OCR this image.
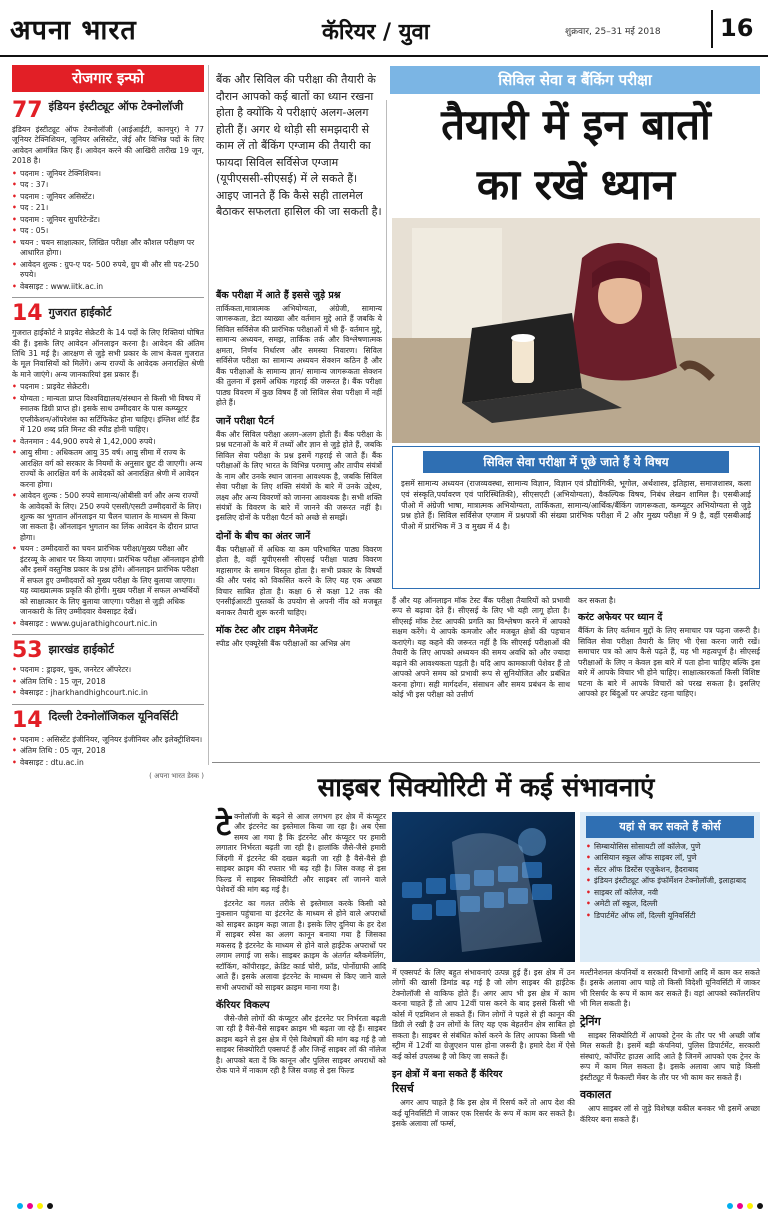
अपना भारत	कॅरियर / युवा	शुक्रवार, 25–31 मई 2018 16
रोजगार इन्फो
77 इंडियन इंस्टीट्यूट ऑफ टेक्नोलॉजी
इंडियन इंस्टीट्यूट ऑफ टेक्नोलॉजी (आईआईटी, कानपुर) ने 77 जूनियर टेक्निशियन, जूनियर असिस्टेंट, जेई और विभिन्न पदों के लिए आवेदन आमंत्रित किए हैं। आवेदन करने की आखिरी तारीख 19 जून, 2018 है।
• पदनाम : जूनियर टेक्निशियन।
• पद : 37।
• पदनाम : जूनियर असिस्टेंट।
• पद : 21।
• पदनाम : जूनियर सुपरिटेन्डेंट।
• पद : 05।
• चयन : चयन साक्षात्कार, लिखित परीक्षा और कौशल परीक्षण पर आधारित होगा।
• आवेदन शुल्क : ग्रुप-ए पद- 500 रुपये, ग्रुप बी और सी पद-250 रुपये।
• वेबसाइट : www.iitk.ac.in
14 गुजरात हाईकोर्ट
गुजरात हाईकोर्ट ने प्राइवेट सेक्रेटरी के 14 पदों के लिए रिक्तियां घोषित की हैं। इसके लिए आवेदन ऑनलाइन करना है। आवेदन की अंतिम तिथि 31 मई है। आरक्षण से जुड़े सभी प्रकार के लाभ केवल गुजरात के मूल निवासियों को मिलेंगे। अन्य राज्यों के आवेदक अनारक्षित श्रेणी के माने जाएंगे। अन्य जानकारियां इस प्रकार हैं।
• पदनाम : प्राइवेट सेक्रेटरी।
• योग्यता : मान्यता प्राप्त विश्वविद्यालय/संस्थान से किसी भी विषय में स्नातक डिग्री प्राप्त हो। इसके साथ उम्मीदवार के पास कम्प्यूटर एप्लीकेशन/ऑपरेशंस का सर्टिफिकेट होना चाहिए। इंग्लिश शॉर्ट हैंड में 120 शब्द प्रति मिनट की स्पीड होनी चाहिए।
• वेतनमान : 44,900 रुपये से 1,42,000 रुपये।
• आयु सीमा : अधिकतम आयु 35 वर्ष। आयु सीमा में राज्य के आरक्षित वर्ग को सरकार के नियमों के अनुसार छूट दी जाएगी। अन्य राज्यों के आरक्षित वर्ग के आवेदकों को अनारक्षित श्रेणी में आवेदन करना होगा।
• आवेदन शुल्क : 500 रुपये सामान्य/ओबीसी वर्ग और अन्य राज्यों के आवेदकों के लिए। 250 रुपये एससी/एसटी उम्मीदवारों के लिए। शुल्क का भुगतान ऑनलाइन या चैलन चालान के माध्यम से किया जा सकता है। ऑनलाइन भुगतान का लिंक आवेदन के दौरान प्राप्त होगा।
• चयन : उम्मीदवारों का चयन प्रारंभिक परीक्षा/मुख्य परीक्षा और इंटरव्यू के आधार पर किया जाएगा। प्रारंभिक परीक्षा ऑनलाइन होगी और इसमें वस्तुनिष्ठ प्रकार के प्रश्न होंगे। ऑनलाइन प्रारंभिक परीक्षा में सफल हुए उम्मीदवारों को मुख्य परीक्षा के लिए बुलाया जाएगा। यह व्याख्यात्मक प्रकृति की होगी। मुख्य परीक्षा में सफल अभ्यर्थियों को साक्षात्कार के लिए बुलाया जाएगा। परीक्षा से जुड़ी अधिक जानकारी के लिए उम्मीदवार वेबसाइट देखें।
• वेबसाइट : www.gujarathighcourt.nic.in
53 झारखंड हाईकोर्ट
• पदनाम : ड्राइवर, चुक, जनरेटर ऑपरेटर।
• अंतिम तिथि : 15 जून, 2018
• वेबसाइट : jharkhandhighcourt.nic.in
14 दिल्ली टेक्नोलॉजिकल यूनिवर्सिटी
• पदनाम : असिस्टेंट इंजीनियर, जूनियर इंजीनियर और इलेक्ट्रीशियन।
• अंतिम तिथि : 05 जून, 2018
• वेबसाइट : dtu.ac.in
( अपना भारत डेस्क )
बैंक और सिविल की परीक्षा की तैयारी के दौरान आपको कई बातों का ध्यान रखना होता है क्योंकि ये परीक्षाएं अलग-अलग होती हैं। अगर थे थोड़ी सी समझदारी से काम लें तो बैंकिंग एग्जाम की तैयारी का फायदा सिविल सर्विसेज एग्जाम (यूपीएससी-सीएसई) में ले सकते हैं। आइए जानते हैं कि कैसे सही तालमेल बैठाकर सफलता हासिल की जा सकती है।
सिविल सेवा व बैंकिंग परीक्षा
तैयारी में इन बातों
का रखें ध्यान
बैंक परीक्षा में आते हैं इससे जुड़े प्रश्न
तार्किकता,मात्रात्मक अभियोग्यता, अंग्रेजी, सामान्य जागरूकता, डेटा व्याख्या और वर्तमान मुद्दे आते हैं जबकि ये सिविल सर्विसेज की प्रारंभिक परीक्षाओं में भी हैं- वर्तमान मुद्दे, सामान्य अध्ययन, समझ, तार्किक तर्क और विश्लेषणात्मक क्षमता, निर्णय निर्धारण और समस्या निवारण। सिविल सर्विसेज परीक्षा का सामान्य अध्ययन सेक्शन कठिन है और बैंक परीक्षाओं के सामान्य ज्ञान/ सामान्य जागरूकता सेक्शन की तुलना में इसमें अधिक गहराई की जरूरत है। बैंक परीक्षा पाठ्य विवरण में कुछ विषय हैं जो सिविल सेवा परीक्षा में नहीं होते हैं।
जानें परीक्षा पैटर्न
बैंक और सिविल परीक्षा अलग-अलग होती हैं। बैंक परीक्षा के प्रश्न घटनाओं के बारे में तथ्यों और ज्ञान से जुड़े होते हैं, जबकि सिविल सेवा परीक्षा के प्रश्न इसमें गहराई से जाते हैं। बैंक परीक्षाओं के लिए भारत के विभिन्न परमाणु और तापीय संयंत्रों के नाम और उनके स्थान जानना आवश्यक है, जबकि सिविल सेवा परीक्षा के लिए शक्ति संयंत्रों के बारे में उनके उद्देश्य, लक्ष्य और अन्य विवरणों को जानना आवश्यक है। सभी शक्ति संयंत्रों के विवरण के बारे में जानने की जरूरत नहीं है। इसलिए दोनों के परीक्षा पैटर्न को अच्छे से समझें।
दोनों के बीच का अंतर जानें
बैंक परीक्षाओं में अधिक या कम परिभाषित पाठ्य विवरण होता है, वहीं यूपीएससी सीएसई परीक्षा पाठ्य विवरण महासागर के समान विस्तृत होता है। सभी प्रकार के विषयों की और पसंद को विकसित करने के लिए यह एक अच्छा विचार साबित होता है। कक्षा 6 से कक्षा 12 तक की एनसीईआरटी पुस्तकों के उपयोग से अपनी नींव को मजबूत बनाकर तैयारी शुरू करनी चाहिए।
मॉक टेस्ट और टाइम मैनेजमेंट
स्पीड और एक्यूरेसी बैंक परीक्षाओं का अभिन्न अंग
सिविल सेवा परीक्षा में पूछे जाते हैं ये विषय
इसमें सामान्य अध्ययन (राजव्यवस्था, सामान्य विज्ञान, विज्ञान एवं प्रौद्योगिकी, भूगोल, अर्थशास्त्र, इतिहास, समाजशास्त्र, कला एवं संस्कृति,पर्यावरण एवं पारिस्थितिकी), सीएसएटी (अभियोग्यता), वैकल्पिक विषय, निबंध लेखन शामिल है। एसबीआई पीओ में अंग्रेजी भाषा, मात्रात्मक अभियोग्यता, तार्किकता, सामान्य/आर्थिक/बैंकिंग जागरूकता, कम्प्यूटर अभियोग्यता से जुड़े प्रश्न होते हैं। सिविल सर्विसेज एग्जाम में प्रश्नपत्रों की संख्या प्रारंभिक परीक्षा में 2 और मुख्य परीक्षा में 9 है, वहीं एसबीआई पीओ में प्रारंभिक में 3 व मुख्य में 4 है।
हैं और यह ऑनलाइन मॉक टेस्ट बैंक परीक्षा तैयारियों को प्रभावी रूप से बढ़ावा देते हैं। सीएसई के लिए भी यही लागू होता है। सीएसई मॉक टेस्ट आपकी प्रगति का विश्लेषण करने में आपको सक्षम करेंगे। ये आपके कमजोर और मजबूत क्षेत्रों की पहचान कराएंगे। यह कहने की जरूरत नहीं है कि सीएसई परीक्षाओं की तैयारी के लिए आपको अध्ययन की समय अवधि को और ज्यादा बढ़ाने की आवश्यकता पड़ती है। यदि आप कामकाजी पेशेवर हैं तो आपको अपने समय को प्रभावी रूप से सुनियोजित और प्रबंधित करना होगा। सही मार्गदर्शन, संसाधन और समय प्रबंधन के साथ कोई भी इस परीक्षा को उत्तीर्ण
कर सकता है।
करंट अफेयर पर ध्यान दें
बैंकिंग के लिए वर्तमान मुद्दों के लिए समाचार पत्र पढ़ना जरूरी है। सिविल सेवा परीक्षा तैयारी के लिए भी ऐसा करना जारी रखें। समाचार पत्र को आप कैसे पढ़ते हैं, यह भी महत्वपूर्ण है। सीएसई परीक्षाओं के लिए न केवल इस बारे में पता होना चाहिए बल्कि इस बारे में आपके विचार भी होने चाहिए। साक्षात्कारकर्ता किसी विशिष्ट घटना के बारे में आपके विचारों को परख सकता है। इसलिए आपको हर बिंदुओं पर अपडेट रहना चाहिए।
साइबर सिक्योरिटी में कई संभावनाएं
टे क्नोलॉजी के बढ़ने से आज लगभग हर क्षेत्र में कंप्यूटर और इंटरनेट का इस्तेमाल किया जा रहा है। अब ऐसा समय आ गया है कि इंटरनेट और कंप्यूटर पर हमारी लगातार निर्भरता बढ़ती जा रही है। हालांकि जैसे-जैसे हमारी जिंदगी में इंटरनेट की दखल बढ़ती जा रही है वैसे-वैसे ही साइबर क्राइम की रफ्तार भी बढ़ रही है। जिस वजह से इस फिल्ड में साइबर सिक्योरिटी और साइबर लॉ जानने वाले पेशेवरों की मांग बढ़ गई है।
इंटरनेट का गलत तरीके से इस्तेमाल करके किसी को नुकसान पहुंचाना या इंटरनेट के माध्यम से होने वाले अपराधों को साइबर क्राइम कहा जाता है। इसके लिए दुनिया के हर देश में साइबर स्पेस का अलग कानून बनाया गया है जिसका मकसद है इंटरनेट के माध्यम से होने वाले हाईटेक अपराधों पर लगाम लगाई जा सके। साइबर क्राइम के अंतर्गत ब्लैकमेलिंग, स्टॉकिंग, कॉपीराइट, क्रेडिट कार्ड चोरी, फ्रॉड, पोर्नोग्राफी आदि आते हैं। इसके अलावा इंटरनेट के माध्यम से किए जाने वाले सभी अपराधों को साइबर क्राइम माना गया है।
कॅरियर विकल्प
जैसे-जैसे लोगों की कंप्यूटर और इंटरनेट पर निर्भरता बढ़ती जा रही है वैसे-वैसे साइबर क्राइम भी बढ़ता जा रहे हैं। साइबर क्राइम बढ़ने से इस क्षेत्र में ऐसे विशेषज्ञों की मांग बढ़ गई है जो साइबर सिक्योरिटी एक्सपर्ट हैं और जिन्हें साइबर लॉ की नॉलेज है। आपको बता दें कि कानून और पुलिस साइबर अपराधों को रोक पाने में नाकाम रही है जिस वजह से इस फिल्ड
में एक्सपर्ट के लिए बहुत संभावनाएं उत्पन्न हुई हैं। इस क्षेत्र में उन लोगों की खासी डिमांड बढ़ गई है जो लोग साइबर की हाईटेक टेक्नोलॉजी से वाकिफ होते हैं। अगर आप भी इस क्षेत्र में काम करना चाहते हैं तो आप 12वीं पास करने के बाद इससे किसी भी कोर्स में एडमिशन ले सकते हैं। जिन लोगों ने पहले से ही कानून की डिग्री ले रखी है उन लोगों के लिए यह एक बेहतरीन क्षेत्र साबित हो सकता है। साइबर से संबंधित कोर्स करने के लिए आपका किसी भी स्ट्रीम में 12वीं या ग्रेजुएशन पास होना जरूरी है। हमारे देश में ऐसे कई कोर्स उपलब्ध है जो किए जा सकते हैं।
इन क्षेत्रों में बना सकते हैं कॅरियर
रिसर्च
अगर आप चाहते है कि इस क्षेत्र में रिसर्च करें तो आप देश की कई यूनिवर्सिटी में जाकर एक रिसर्चर के रूप में काम कर सकते है। इसके अलावा लॉ फर्म्स,
यहां से कर सकते हैं कोर्स
• सिम्बायोसिस सोसायटी लॉ कॉलेज, पुणे
• आसियान स्कूल ऑफ साइबर लॉ, पुणे
• सेंटर ऑफ डिस्टेंस एजुकेशन, हैदराबाद
• इंडियन इंस्टीट्यूट ऑफ इंफॉर्मेशन टेक्नोलॉजी, इलाहाबाद
• साइबर लॉ कॉलेज, नवी
• अमेटी लॉ स्कूल, दिल्ली
• डिपार्टमेंट ऑफ लॉ, दिल्ली यूनिवर्सिटी
मल्टीनेशनल कंपनियों व सरकारी विभागों आदि में काम कर सकते हैं। इसके अलावा आप चाहे तो किसी विदेशी यूनिवर्सिटी में जाकर भी रिसर्चर के रूप में काम कर सकते हैं। वहां आपको स्कॉलरशिप भी मिल सकती है।
ट्रेनिंग
साइबर सिक्योरिटी में आपको ट्रेनर के तौर पर भी अच्छी जॉब मिल सकती है। इसमें बड़ी कंपनियां, पुलिस डिपार्टमेंट, सरकारी संस्थाएं, कॉर्पोरेट हाउस आदि आते है जिनमें आपको एक ट्रेनर के रूप में काम मिल सकता है। इसके अलावा आप चाहे किसी इंस्टीट्यूट में फैकल्टी मेंबर के तौर पर भी काम कर सकते हैं।
वकालत
आप साइबर लॉ से जुड़े विशेषज्ञ वकील बनकर भी इसमें अच्छा कॅरियर बना सकते हैं।
